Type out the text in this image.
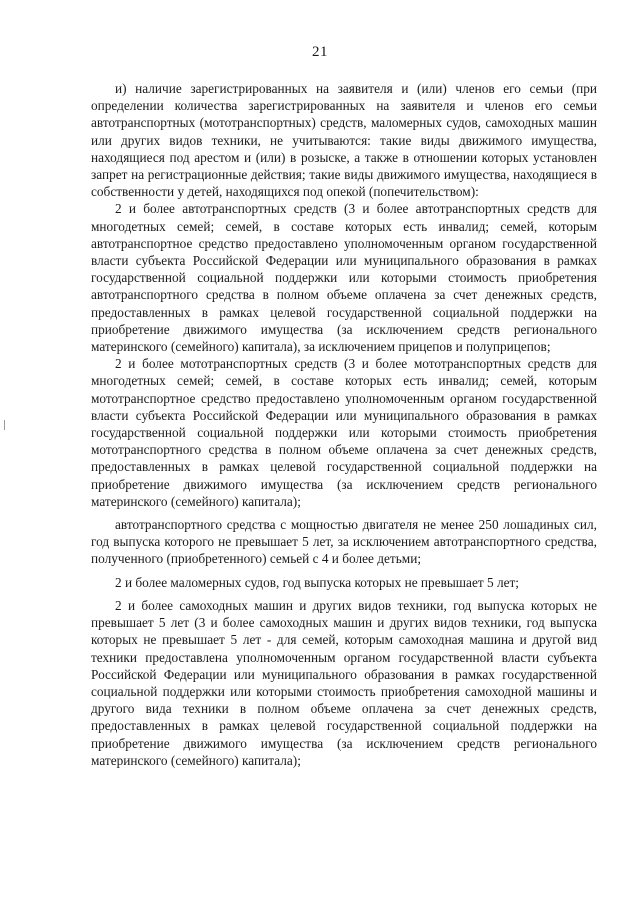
21

и) наличие зарегистрированных на заявителя и (или) членов его семьи (при определении количества зарегистрированных на заявителя и членов его семьи автотранспортных (мототранспортных) средств, маломерных судов, самоходных машин или других видов техники, не учитываются: такие виды движимого имущества, находящиеся под арестом и (или) в розыске, а также в отношении которых установлен запрет на регистрационные действия; такие виды движимого имущества, находящиеся в собственности у детей, находящихся под опекой (попечительством):

2 и более автотранспортных средств (3 и более автотранспортных средств для многодетных семей; семей, в составе которых есть инвалид; семей, которым автотранспортное средство предоставлено уполномоченным органом государственной власти субъекта Российской Федерации или муниципального образования в рамках государственной социальной поддержки или которыми стоимость приобретения автотранспортного средства в полном объеме оплачена за счет денежных средств, предоставленных в рамках целевой государственной социальной поддержки на приобретение движимого имущества (за исключением средств регионального материнского (семейного) капитала), за исключением прицепов и полуприцепов;

2 и более мототранспортных средств (3 и более мототранспортных средств для многодетных семей; семей, в составе которых есть инвалид; семей, которым мототранспортное средство предоставлено уполномоченным органом государственной власти субъекта Российской Федерации или муниципального образования в рамках государственной социальной поддержки или которыми стоимость приобретения мототранспортного средства в полном объеме оплачена за счет денежных средств, предоставленных в рамках целевой государственной социальной поддержки на приобретение движимого имущества (за исключением средств регионального материнского (семейного) капитала);

автотранспортного средства с мощностью двигателя не менее 250 лошадиных сил, год выпуска которого не превышает 5 лет, за исключением автотранспортного средства, полученного (приобретенного) семьей с 4 и более детьми;

2 и более маломерных судов, год выпуска которых не превышает 5 лет;

2 и более самоходных машин и других видов техники, год выпуска которых не превышает 5 лет (3 и более самоходных машин и других видов техники, год выпуска которых не превышает 5 лет - для семей, которым самоходная машина и другой вид техники предоставлена уполномоченным органом государственной власти субъекта Российской Федерации или муниципального образования в рамках государственной социальной поддержки или которыми стоимость приобретения самоходной машины и другого вида техники в полном объеме оплачена за счет денежных средств, предоставленных в рамках целевой государственной социальной поддержки на приобретение движимого имущества (за исключением средств регионального материнского (семейного) капитала);
